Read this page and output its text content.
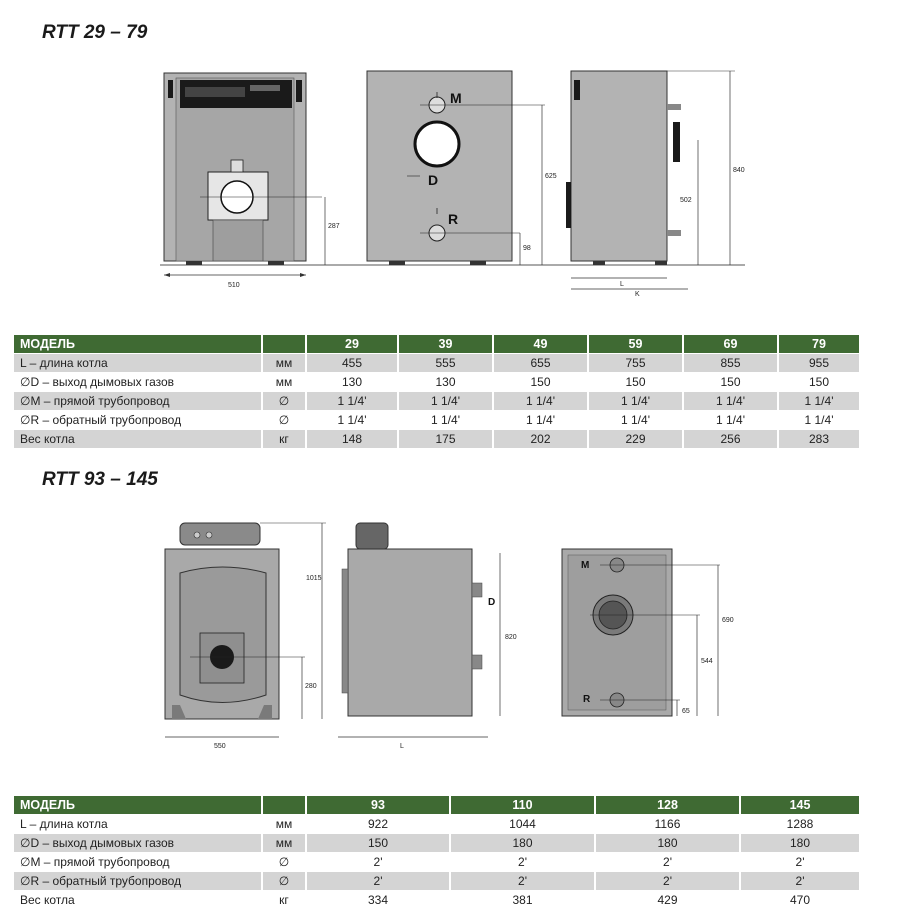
RTT 29 – 79
510
287
M
D
R
625
98
840
502
L
K
МОДЕЛЬ		29	39	49	59	69	79
L – длина котла	мм	455	555	655	755	855	955
∅D – выход дымовых газов	мм	130	130	150	150	150	150
∅M – прямой трубопровод	∅	1 1/4'	1 1/4'	1 1/4'	1 1/4'	1 1/4'	1 1/4'
∅R – обратный трубопровод	∅	1 1/4'	1 1/4'	1 1/4'	1 1/4'	1 1/4'	1 1/4'
Вес котла	кг	148	175	202	229	256	283
RTT 93 – 145
550
280
1015
D
820
L
M
R
690
544
65
МОДЕЛЬ		93	110	128	145
L – длина котла	мм	922	1044	1166	1288
∅D – выход дымовых газов	мм	150	180	180	180
∅M – прямой трубопровод	∅	2'	2'	2'	2'
∅R – обратный трубопровод	∅	2'	2'	2'	2'
Вес котла	кг	334	381	429	470
